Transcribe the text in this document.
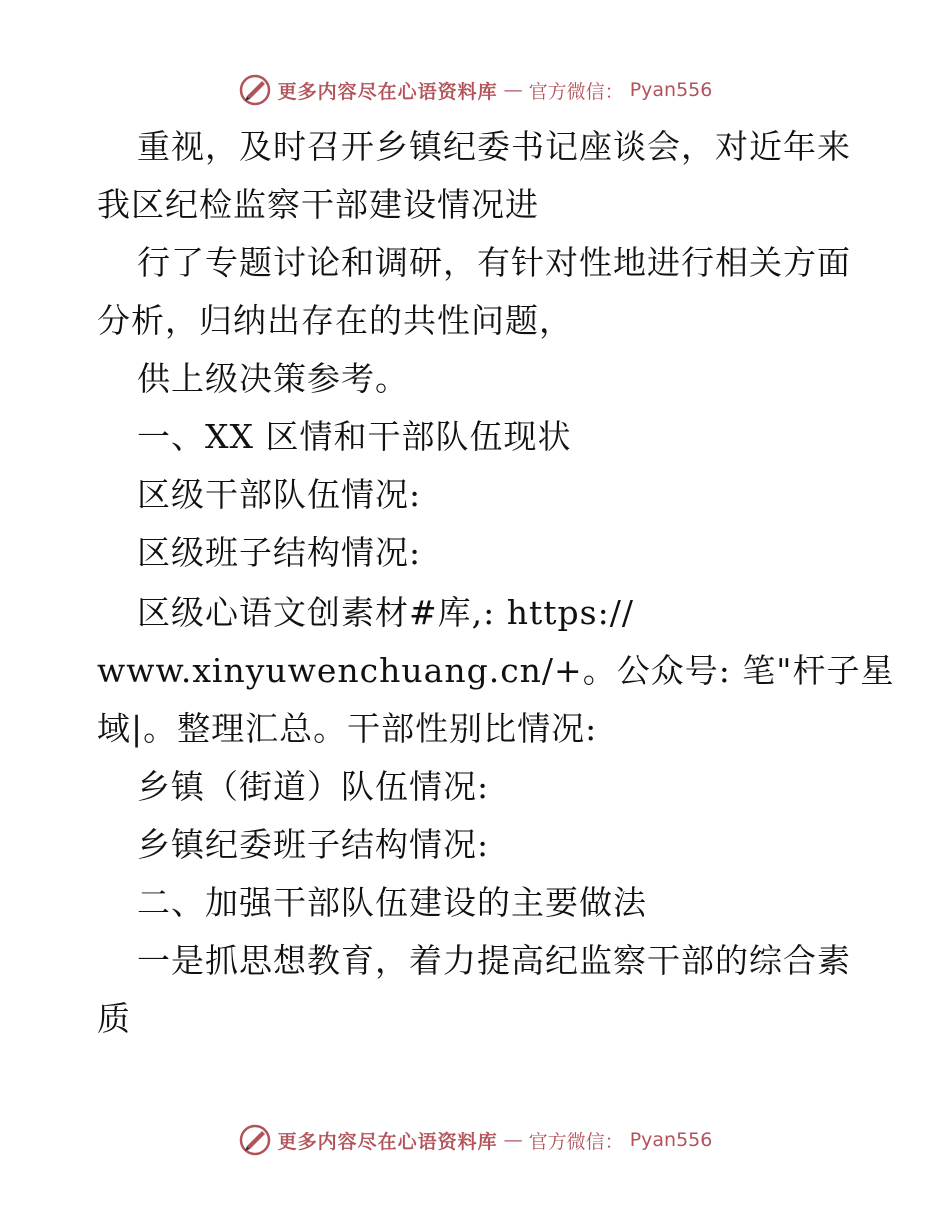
更多内容尽在心语资料库 — 官方微信： Pyan556
重视，及时召开乡镇纪委书记座谈会，对近年来
我区纪检监察干部建设情况进
行了专题讨论和调研，有针对性地进行相关方面
分析，归纳出存在的共性问题，
供上级决策参考。
一、XX 区情和干部队伍现状
区级干部队伍情况:
区级班子结构情况:
区级心语文创素材#库,: https://
www.xinyuwenchuang.cn/+。公众号: 笔"杆子星
域|。整理汇总。干部性别比情况:
乡镇（街道）队伍情况:
乡镇纪委班子结构情况:
二、加强干部队伍建设的主要做法
一是抓思想教育，着力提高纪监察干部的综合素
质
更多内容尽在心语资料库 — 官方微信： Pyan556
